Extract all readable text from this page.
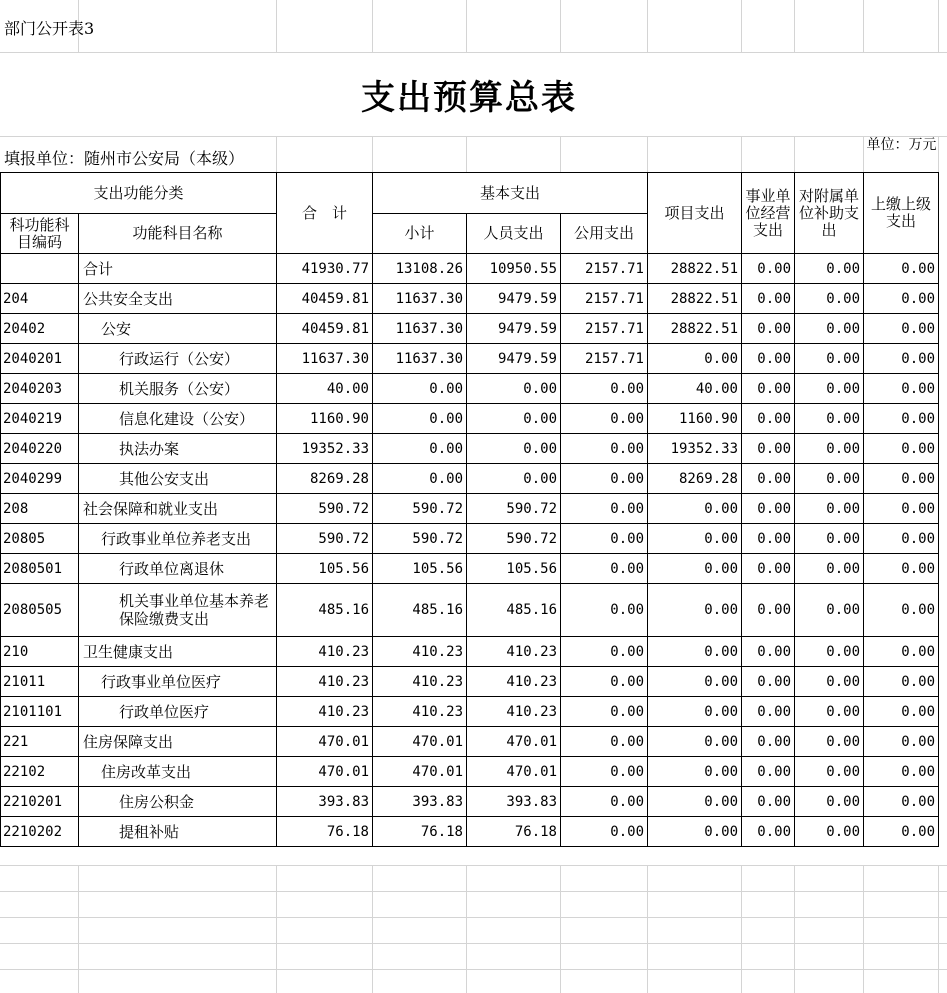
部门公开表3
支出预算总表
填报单位：随州市公安局（本级）
单位：万元
支出功能分类		合　计	基本支出			项目支出	事业单位经营支出	对附属单位补助支出	上缴上级支出
科功能科目编码	功能科目名称		小计	人员支出	公用支出				
	合计	41930.77	13108.26	10950.55	2157.71	28822.51	0.00	0.00	0.00
204	公共安全支出	40459.81	11637.30	9479.59	2157.71	28822.51	0.00	0.00	0.00
20402	公安	40459.81	11637.30	9479.59	2157.71	28822.51	0.00	0.00	0.00
2040201	行政运行（公安）	11637.30	11637.30	9479.59	2157.71	0.00	0.00	0.00	0.00
2040203	机关服务（公安）	40.00	0.00	0.00	0.00	40.00	0.00	0.00	0.00
2040219	信息化建设（公安）	1160.90	0.00	0.00	0.00	1160.90	0.00	0.00	0.00
2040220	执法办案	19352.33	0.00	0.00	0.00	19352.33	0.00	0.00	0.00
2040299	其他公安支出	8269.28	0.00	0.00	0.00	8269.28	0.00	0.00	0.00
208	社会保障和就业支出	590.72	590.72	590.72	0.00	0.00	0.00	0.00	0.00
20805	行政事业单位养老支出	590.72	590.72	590.72	0.00	0.00	0.00	0.00	0.00
2080501	行政单位离退休	105.56	105.56	105.56	0.00	0.00	0.00	0.00	0.00
2080505	机关事业单位基本养老保险缴费支出	485.16	485.16	485.16	0.00	0.00	0.00	0.00	0.00
210	卫生健康支出	410.23	410.23	410.23	0.00	0.00	0.00	0.00	0.00
21011	行政事业单位医疗	410.23	410.23	410.23	0.00	0.00	0.00	0.00	0.00
2101101	行政单位医疗	410.23	410.23	410.23	0.00	0.00	0.00	0.00	0.00
221	住房保障支出	470.01	470.01	470.01	0.00	0.00	0.00	0.00	0.00
22102	住房改革支出	470.01	470.01	470.01	0.00	0.00	0.00	0.00	0.00
2210201	住房公积金	393.83	393.83	393.83	0.00	0.00	0.00	0.00	0.00
2210202	提租补贴	76.18	76.18	76.18	0.00	0.00	0.00	0.00	0.00
